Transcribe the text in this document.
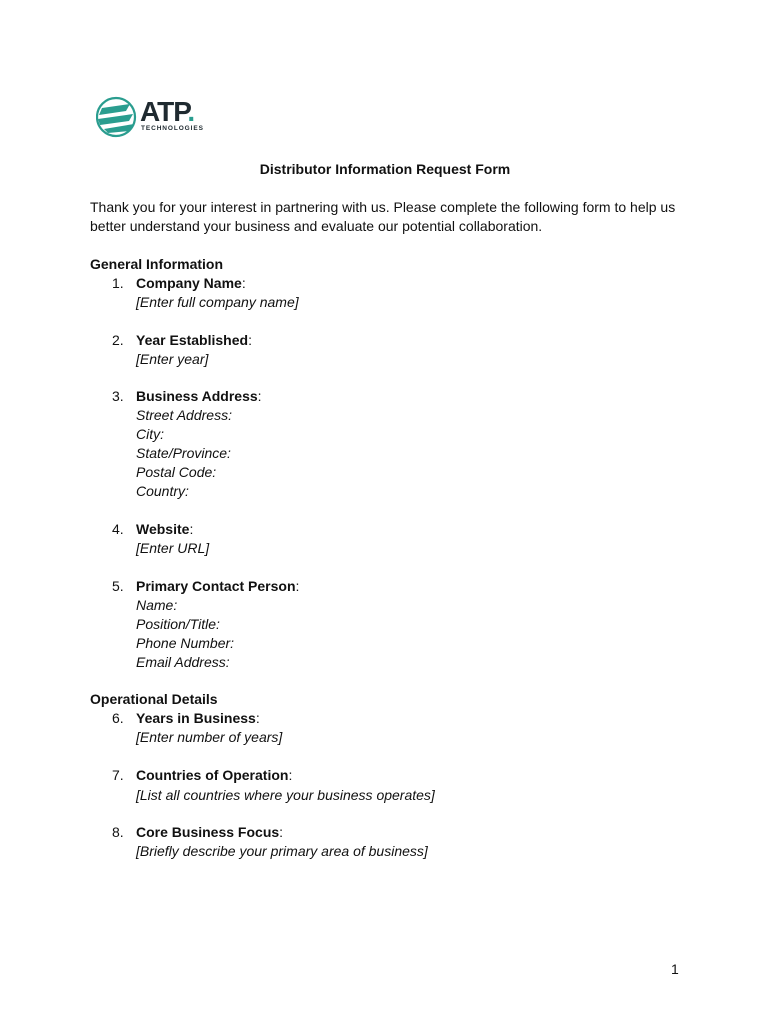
ATP.
TECHNOLOGIES
Distributor Information Request Form
Thank you for your interest in partnering with us. Please complete the following form to help us better understand your business and evaluate our potential collaboration.
General Information
1. Company Name:
[Enter full company name]
2. Year Established:
[Enter year]
3. Business Address:
Street Address:
City:
State/Province:
Postal Code:
Country:
4. Website:
[Enter URL]
5. Primary Contact Person:
Name:
Position/Title:
Phone Number:
Email Address:
Operational Details
6. Years in Business:
[Enter number of years]
7. Countries of Operation:
[List all countries where your business operates]
8. Core Business Focus:
[Briefly describe your primary area of business]
1
